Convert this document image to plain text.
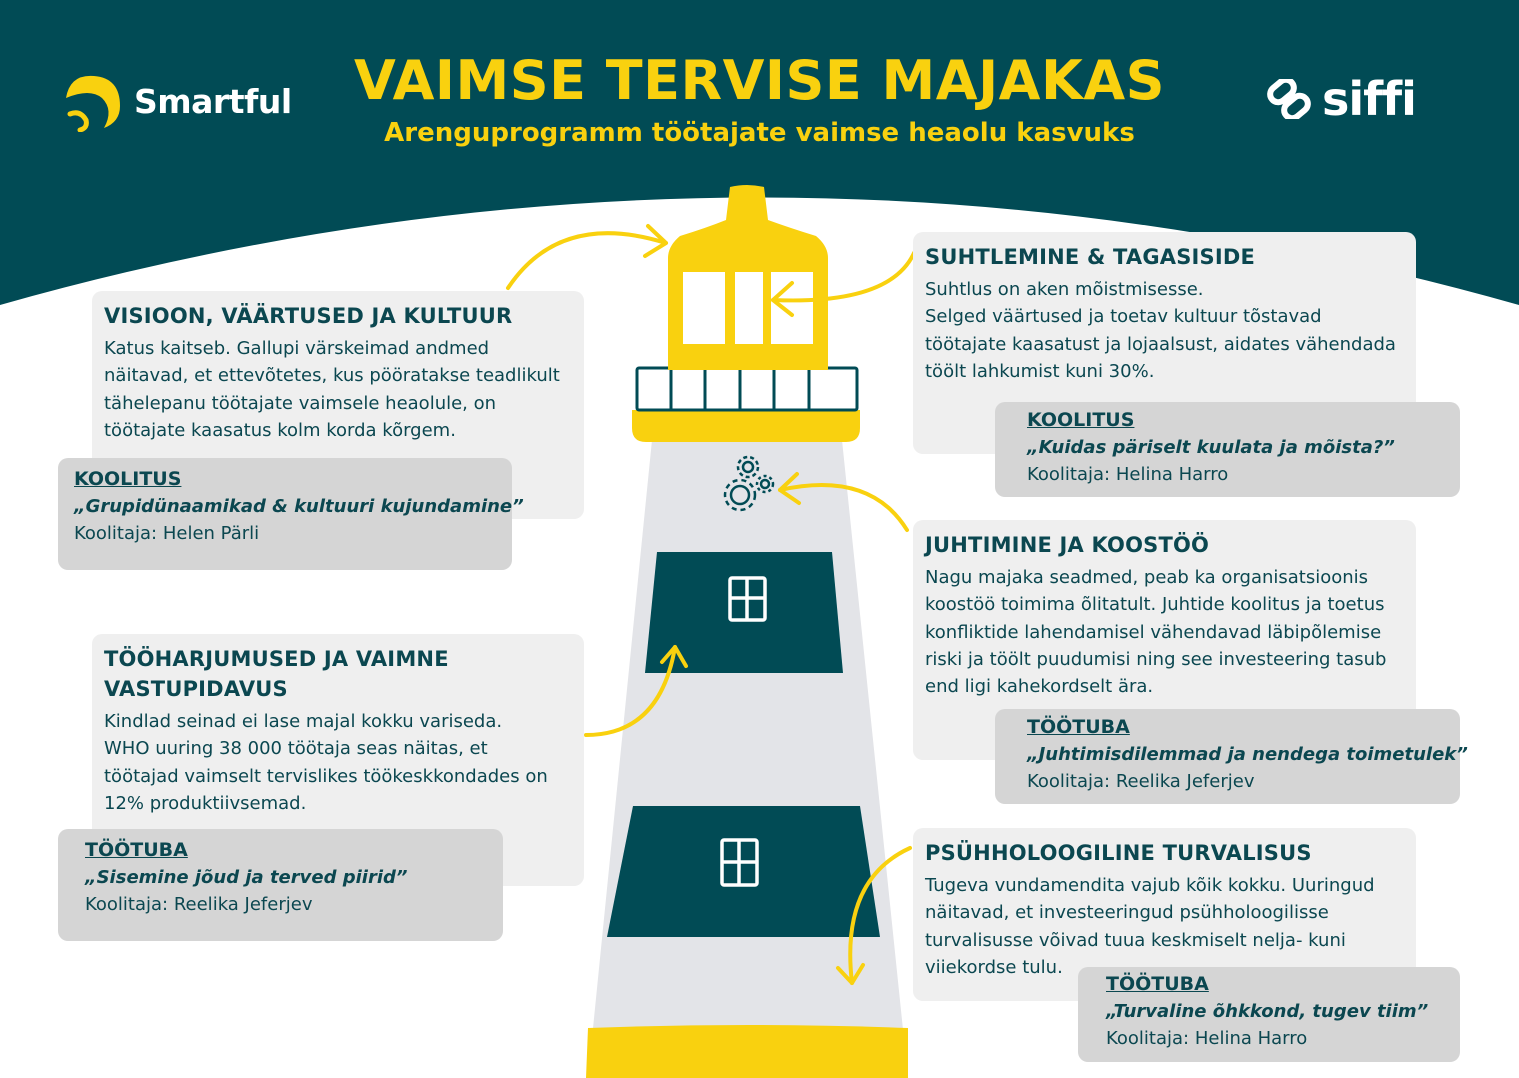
Smartful	siffi
VAIMSE TERVISE MAJAKAS
Arenguprogramm töötajate vaimse heaolu kasvuks
VISIOON, VÄÄRTUSED JA KULTUUR

Katus kaitseb. Gallupi värskeimad andmed
näitavad, et ettevõtetes, kus pööratakse teadlikult
tähelepanu töötajate vaimsele heaolule, on
töötajate kaasatus kolm korda kõrgem.

KOOLITUS
„Grupidünaamikad & kultuuri kujundamine”
Koolitaja: Helen Pärli
TÖÖHARJUMUSED JA VAIMNE
VASTUPIDAVUS

Kindlad seinad ei lase majal kokku variseda.
WHO uuring 38 000 töötaja seas näitas, et
töötajad vaimselt tervislikes töökeskkondades on
12% produktiivsemad.

TÖÖTUBA
„Sisemine jõud ja terved piirid”
Koolitaja: Reelika Jeferjev
SUHTLEMINE & TAGASISIDE

Suhtlus on aken mõistmisesse.
Selged väärtused ja toetav kultuur tõstavad
töötajate kaasatust ja lojaalsust, aidates vähendada
töölt lahkumist kuni 30%.

KOOLITUS
„Kuidas päriselt kuulata ja mõista?”
Koolitaja: Helina Harro
JUHTIMINE JA KOOSTÖÖ

Nagu majaka seadmed, peab ka organisatsioonis
koostöö toimima õlitatult. Juhtide koolitus ja toetus
konfliktide lahendamisel vähendavad läbipõlemise
riski ja töölt puudumisi ning see investeering tasub
end ligi kahekordselt ära.

TÖÖTUBA
„Juhtimisdilemmad ja nendega toimetulek”
Koolitaja: Reelika Jeferjev
PSÜHHOLOOGILINE TURVALISUS

Tugeva vundamendita vajub kõik kokku. Uuringud
näitavad, et investeeringud psühholoogilisse
turvalisusse võivad tuua keskmiselt nelja- kuni
viiekordse tulu.

TÖÖTUBA
„Turvaline õhkkond, tugev tiim”
Koolitaja: Helina Harro
